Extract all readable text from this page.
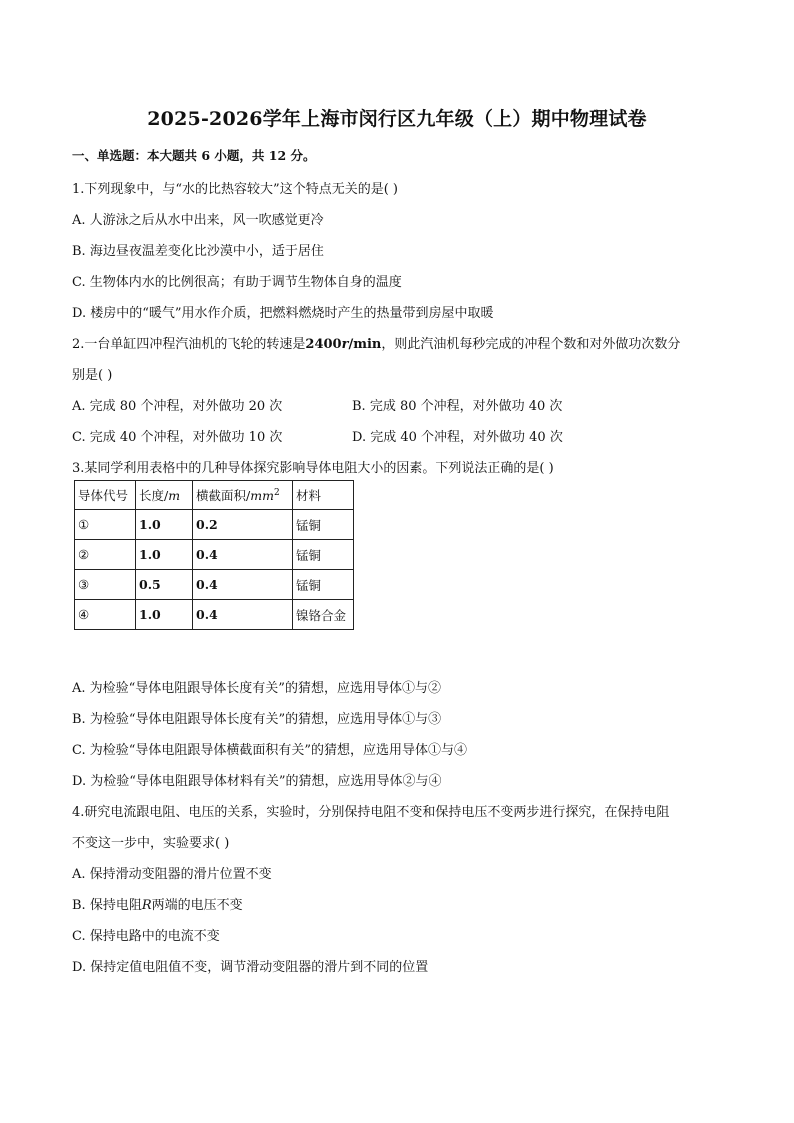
2025-2026学年上海市闵行区九年级（上）期中物理试卷
一、单选题：本大题共 6 小题，共 12 分。
1.下列现象中，与“水的比热容较大”这个特点无关的是( )
A. 人游泳之后从水中出来，风一吹感觉更冷
B. 海边昼夜温差变化比沙漠中小，适于居住
C. 生物体内水的比例很高；有助于调节生物体自身的温度
D. 楼房中的“暖气”用水作介质，把燃料燃烧时产生的热量带到房屋中取暖
2.一台单缸四冲程汽油机的飞轮的转速是2400r/min，则此汽油机每秒完成的冲程个数和对外做功次数分
别是( )
A. 完成 80 个冲程，对外做功 20 次	B. 完成 80 个冲程，对外做功 40 次
C. 完成 40 个冲程，对外做功 10 次	D. 完成 40 个冲程，对外做功 40 次
3.某同学利用表格中的几种导体探究影响导体电阻大小的因素。下列说法正确的是( )
导体代号	长度/m	横截面积$/mm^2$	材料
①	1.0	0.2	锰铜
②	1.0	0.4	锰铜
③	0.5	0.4	锰铜
④	1.0	0.4	镍铬合金
A. 为检验“导体电阻跟导体长度有关”的猜想，应选用导体①与②
B. 为检验“导体电阻跟导体长度有关”的猜想，应选用导体①与③
C. 为检验“导体电阻跟导体横截面积有关”的猜想，应选用导体①与④
D. 为检验“导体电阻跟导体材料有关”的猜想，应选用导体②与④
4.研究电流跟电阻、电压的关系，实验时，分别保持电阻不变和保持电压不变两步进行探究，在保持电阻
不变这一步中，实验要求( )
A. 保持滑动变阻器的滑片位置不变
B. 保持电阻R两端的电压不变
C. 保持电路中的电流不变
D. 保持定值电阻值不变，调节滑动变阻器的滑片到不同的位置
